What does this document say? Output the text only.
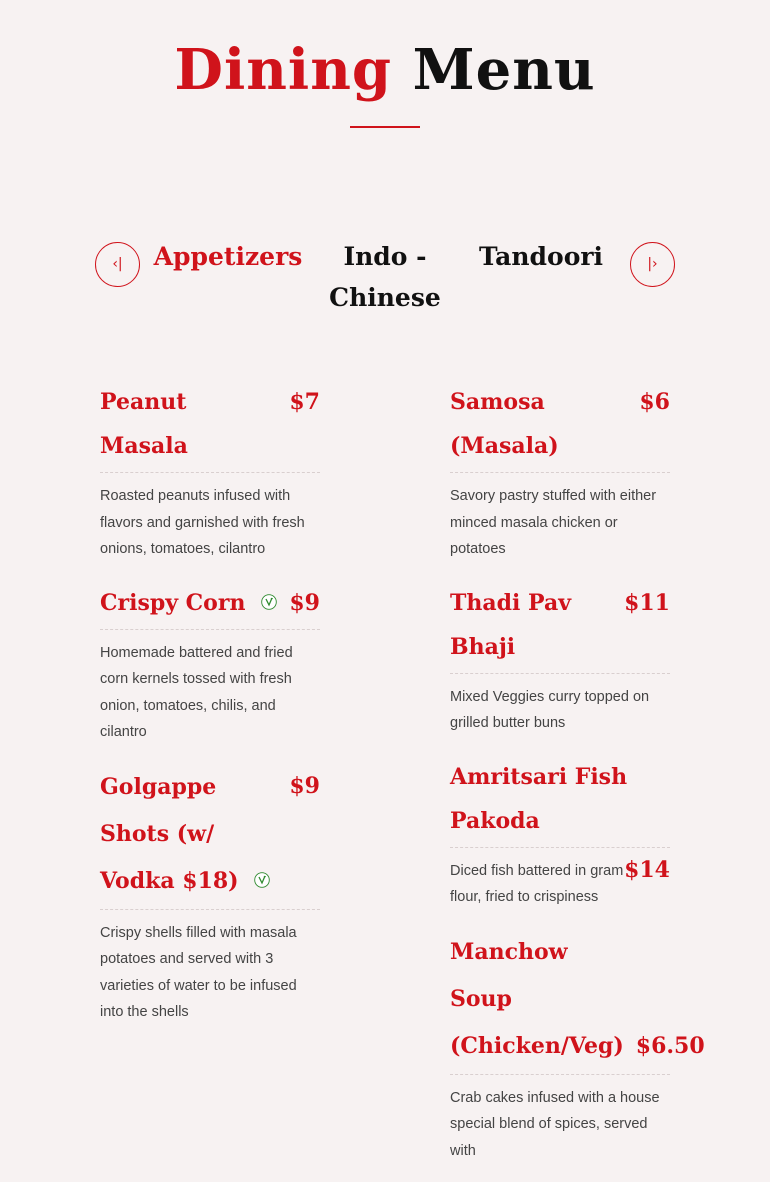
Dining Menu
‹|	Appetizers	Indo - Chinese
Tandoori	|›
Peanut Masala
$7
Roasted peanuts infused with flavors and garnished with fresh onions, tomatoes, cilantro
Crispy Corn	$9
Homemade battered and fried corn kernels tossed with fresh onion, tomatoes, chilis, and cilantro
Golgappe Shots (w/ Vodka $18)
$9
Crispy shells filled with masala potatoes and served with 3 varieties of water to be infused into the shells
Samosa (Masala)
$6
Savory pastry stuffed with either minced masala chicken or potatoes
Thadi Pav Bhaji
$11
Mixed Veggies curry topped on grilled butter buns
Amritsari Fish Pakoda
Diced fish battered in gram flour, fried to crispiness
$14
Manchow Soup (Chicken/Veg) $6.50
Crab cakes infused with a house special blend of spices, served with
